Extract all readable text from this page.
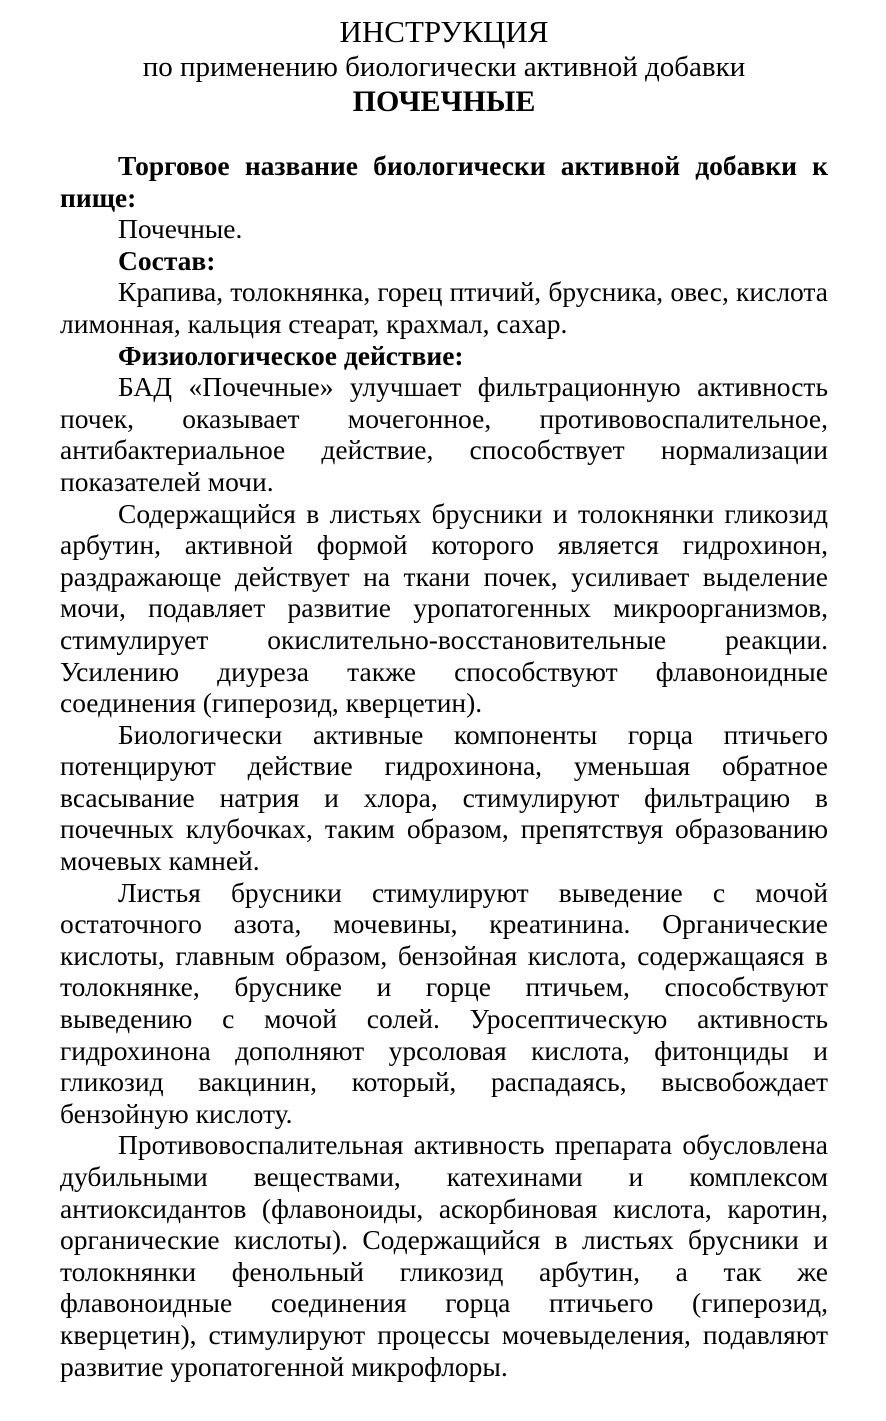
ИНСТРУКЦИЯ

по применению биологически активной добавки

ПОЧЕЧНЫЕ

Торговое название биологически активной добавки к пище:

Почечные.

Состав:

Крапива, толокнянка, горец птичий, брусника, овес, кислота лимонная, кальция стеарат, крахмал, сахар.

Физиологическое действие:

БАД «Почечные» улучшает фильтрационную активность почек, оказывает мочегонное, противовоспалительное, антибактериальное действие, способствует нормализации показателей мочи.

Содержащийся в листьях брусники и толокнянки гликозид арбутин, активной формой которого является гидрохинон, раздражающе действует на ткани почек, усиливает выделение мочи, подавляет развитие уропатогенных микроорганизмов, стимулирует окислительно-восстановительные реакции. Усилению диуреза также способствуют флавоноидные соединения (гиперозид, кверцетин).

Биологически активные компоненты горца птичьего потенцируют действие гидрохинона, уменьшая обратное всасывание натрия и хлора, стимулируют фильтрацию в почечных клубочках, таким образом, препятствуя образованию мочевых камней.

Листья брусники стимулируют выведение с мочой остаточного азота, мочевины, креатинина. Органические кислоты, главным образом, бензойная кислота, содержащаяся в толокнянке, бруснике и горце птичьем, способствуют выведению с мочой солей. Уросептическую активность гидрохинона дополняют урсоловая кислота, фитонциды и гликозид вакцинин, который, распадаясь, высвобождает бензойную кислоту.

Противовоспалительная активность препарата обусловлена дубильными веществами, катехинами и комплексом антиоксидантов (флавоноиды, аскорбиновая кислота, каротин, органические кислоты). Содержащийся в листьях брусники и толокнянки фенольный гликозид арбутин, а так же флавоноидные соединения горца птичьего (гиперозид, кверцетин), стимулируют процессы мочевыделения, подавляют развитие уропатогенной микрофлоры.
